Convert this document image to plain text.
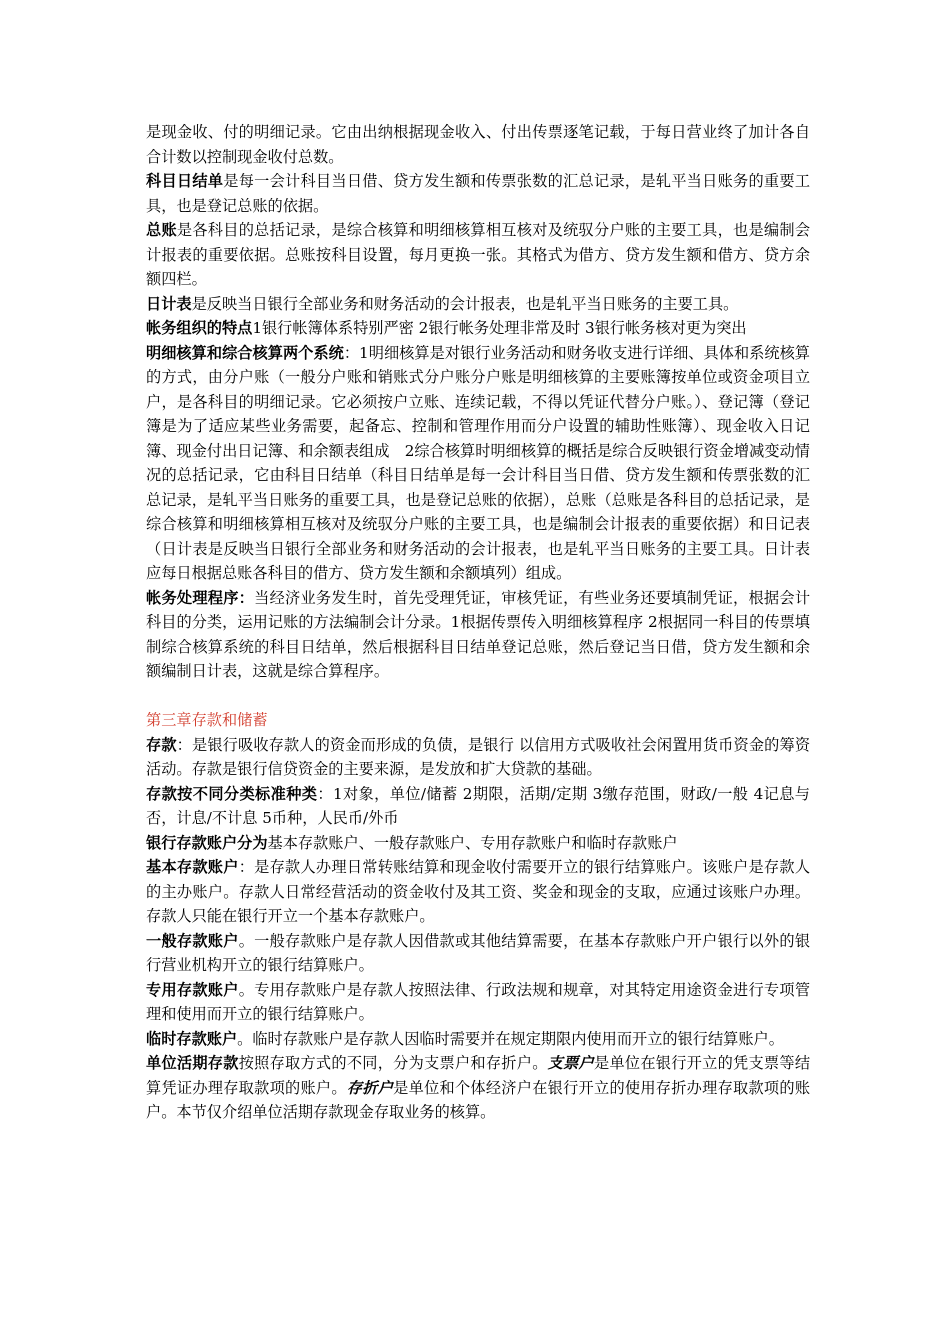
是现金收、付的明细记录。它由出纳根据现金收入、付出传票逐笔记载，于每日营业终了加计各自合计数以控制现金收付总数。

科目日结单是每一会计科目当日借、贷方发生额和传票张数的汇总记录，是轧平当日账务的重要工具，也是登记总账的依据。

总账是各科目的总括记录，是综合核算和明细核算相互核对及统驭分户账的主要工具，也是编制会计报表的重要依据。总账按科目设置，每月更换一张。其格式为借方、贷方发生额和借方、贷方余额四栏。

日计表是反映当日银行全部业务和财务活动的会计报表，也是轧平当日账务的主要工具。

帐务组织的特点1银行帐簿体系特别严密 2银行帐务处理非常及时 3银行帐务核对更为突出

明细核算和综合核算两个系统：1明细核算是对银行业务活动和财务收支进行详细、具体和系统核算的方式，由分户账（一般分户账和销账式分户账分户账是明细核算的主要账簿按单位或资金项目立户，是各科目的明细记录。它必须按户立账、连续记载，不得以凭证代替分户账。）、登记簿（登记簿是为了适应某些业务需要，起备忘、控制和管理作用而分户设置的辅助性账簿）、现金收入日记簿、现金付出日记簿、和余额表组成　2综合核算时明细核算的概括是综合反映银行资金增减变动情况的总括记录，它由科目日结单（科目日结单是每一会计科目当日借、贷方发生额和传票张数的汇总记录，是轧平当日账务的重要工具，也是登记总账的依据），总账（总账是各科目的总括记录，是综合核算和明细核算相互核对及统驭分户账的主要工具，也是编制会计报表的重要依据）和日记表（日计表是反映当日银行全部业务和财务活动的会计报表，也是轧平当日账务的主要工具。日计表应每日根据总账各科目的借方、贷方发生额和余额填列）组成。

帐务处理程序：当经济业务发生时，首先受理凭证，审核凭证，有些业务还要填制凭证，根据会计科目的分类，运用记账的方法编制会计分录。1根据传票传入明细核算程序 2根据同一科目的传票填制综合核算系统的科目日结单，然后根据科目日结单登记总账，然后登记当日借，贷方发生额和余额编制日计表，这就是综合算程序。

第三章存款和储蓄

存款：是银行吸收存款人的资金而形成的负债，是银行 以信用方式吸收社会闲置用货币资金的筹资活动。存款是银行信贷资金的主要来源，是发放和扩大贷款的基础。

存款按不同分类标准种类：1对象，单位/储蓄 2期限，活期/定期 3缴存范围，财政/一般 4记息与否，计息/不计息 5币种，人民币/外币

银行存款账户分为基本存款账户、一般存款账户、专用存款账户和临时存款账户

基本存款账户：是存款人办理日常转账结算和现金收付需要开立的银行结算账户。该账户是存款人的主办账户。存款人日常经营活动的资金收付及其工资、奖金和现金的支取，应通过该账户办理。存款人只能在银行开立一个基本存款账户。

一般存款账户。一般存款账户是存款人因借款或其他结算需要，在基本存款账户开户银行以外的银行营业机构开立的银行结算账户。

专用存款账户。专用存款账户是存款人按照法律、行政法规和规章，对其特定用途资金进行专项管理和使用而开立的银行结算账户。

临时存款账户。临时存款账户是存款人因临时需要并在规定期限内使用而开立的银行结算账户。

单位活期存款按照存取方式的不同，分为支票户和存折户。支票户是单位在银行开立的凭支票等结算凭证办理存取款项的账户。存折户是单位和个体经济户在银行开立的使用存折办理存取款项的账户。本节仅介绍单位活期存款现金存取业务的核算。
